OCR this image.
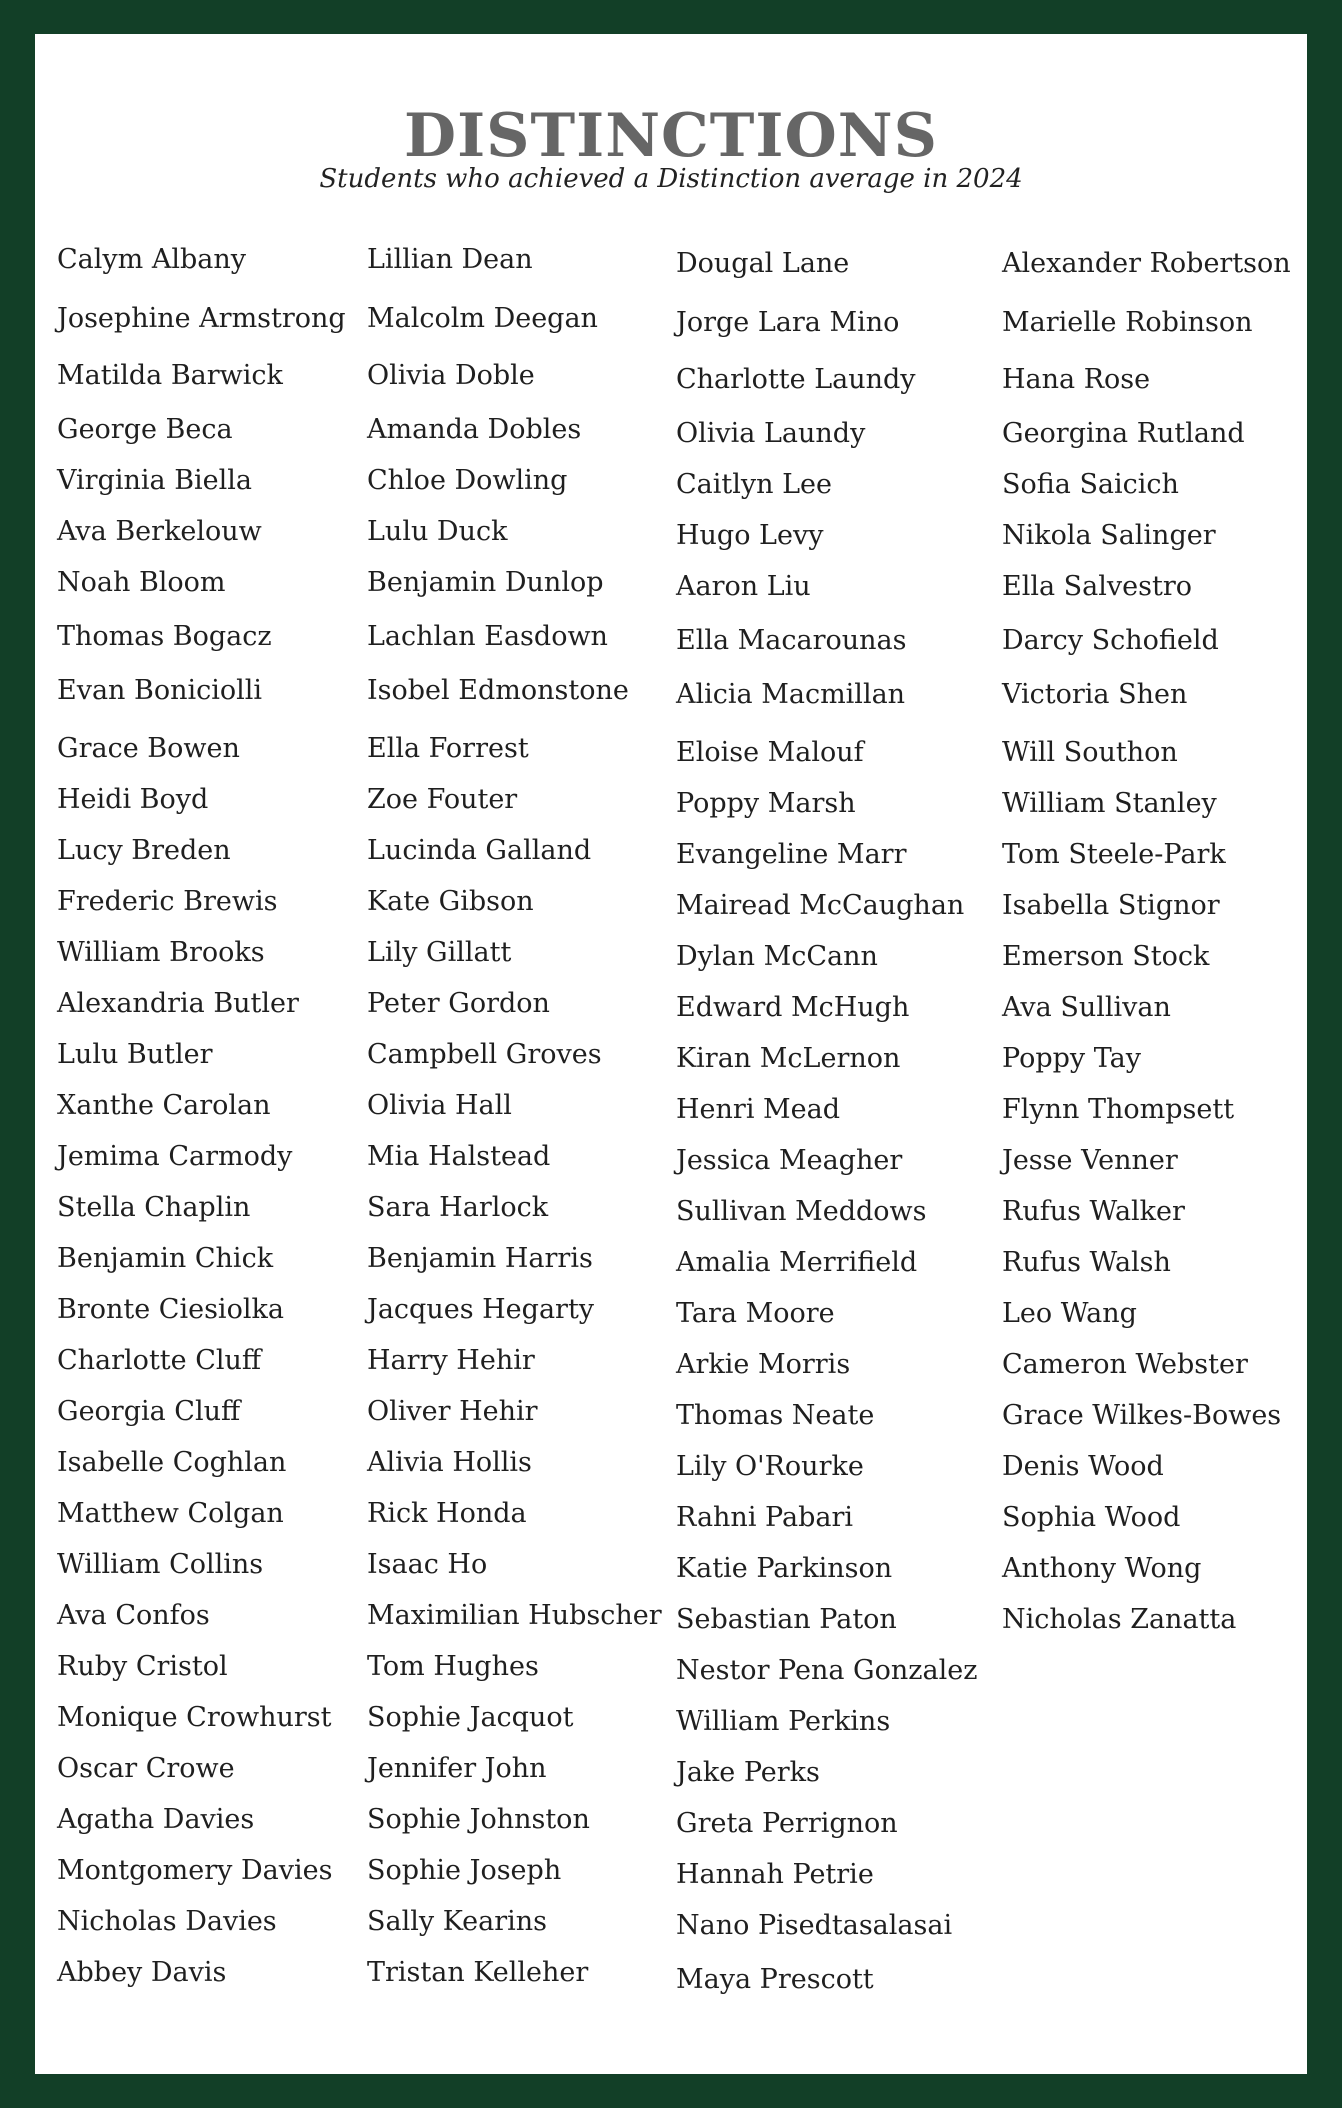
DISTINCTIONS
Students who achieved a Distinction average in 2024
Calym Albany
Josephine Armstrong
Matilda Barwick
George Beca
Virginia Biella
Ava Berkelouw
Noah Bloom
Thomas Bogacz
Evan Boniciolli
Grace Bowen
Heidi Boyd
Lucy Breden
Frederic Brewis
William Brooks
Alexandria Butler
Lulu Butler
Xanthe Carolan
Jemima Carmody
Stella Chaplin
Benjamin Chick
Bronte Ciesiolka
Charlotte Cluff
Georgia Cluff
Isabelle Coghlan
Matthew Colgan
William Collins
Ava Confos
Ruby Cristol
Monique Crowhurst
Oscar Crowe
Agatha Davies
Montgomery Davies
Nicholas Davies
Abbey Davis
Lillian Dean
Malcolm Deegan
Olivia Doble
Amanda Dobles
Chloe Dowling
Lulu Duck
Benjamin Dunlop
Lachlan Easdown
Isobel Edmonstone
Ella Forrest
Zoe Fouter
Lucinda Galland
Kate Gibson
Lily Gillatt
Peter Gordon
Campbell Groves
Olivia Hall
Mia Halstead
Sara Harlock
Benjamin Harris
Jacques Hegarty
Harry Hehir
Oliver Hehir
Alivia Hollis
Rick Honda
Isaac Ho
Maximilian Hubscher
Tom Hughes
Sophie Jacquot
Jennifer John
Sophie Johnston
Sophie Joseph
Sally Kearins
Tristan Kelleher
Dougal Lane
Jorge Lara Mino
Charlotte Laundy
Olivia Laundy
Caitlyn Lee
Hugo Levy
Aaron Liu
Ella Macarounas
Alicia Macmillan
Eloise Malouf
Poppy Marsh
Evangeline Marr
Mairead McCaughan
Dylan McCann
Edward McHugh
Kiran McLernon
Henri Mead
Jessica Meagher
Sullivan Meddows
Amalia Merrifield
Tara Moore
Arkie Morris
Thomas Neate
Lily O'Rourke
Rahni Pabari
Katie Parkinson
Sebastian Paton
Nestor Pena Gonzalez
William Perkins
Jake Perks
Greta Perrignon
Hannah Petrie
Nano Pisedtasalasai
Maya Prescott
Alexander Robertson
Marielle Robinson
Hana Rose
Georgina Rutland
Sofia Saicich
Nikola Salinger
Ella Salvestro
Darcy Schofield
Victoria Shen
Will Southon
William Stanley
Tom Steele-Park
Isabella Stignor
Emerson Stock
Ava Sullivan
Poppy Tay
Flynn Thompsett
Jesse Venner
Rufus Walker
Rufus Walsh
Leo Wang
Cameron Webster
Grace Wilkes-Bowes
Denis Wood
Sophia Wood
Anthony Wong
Nicholas Zanatta
